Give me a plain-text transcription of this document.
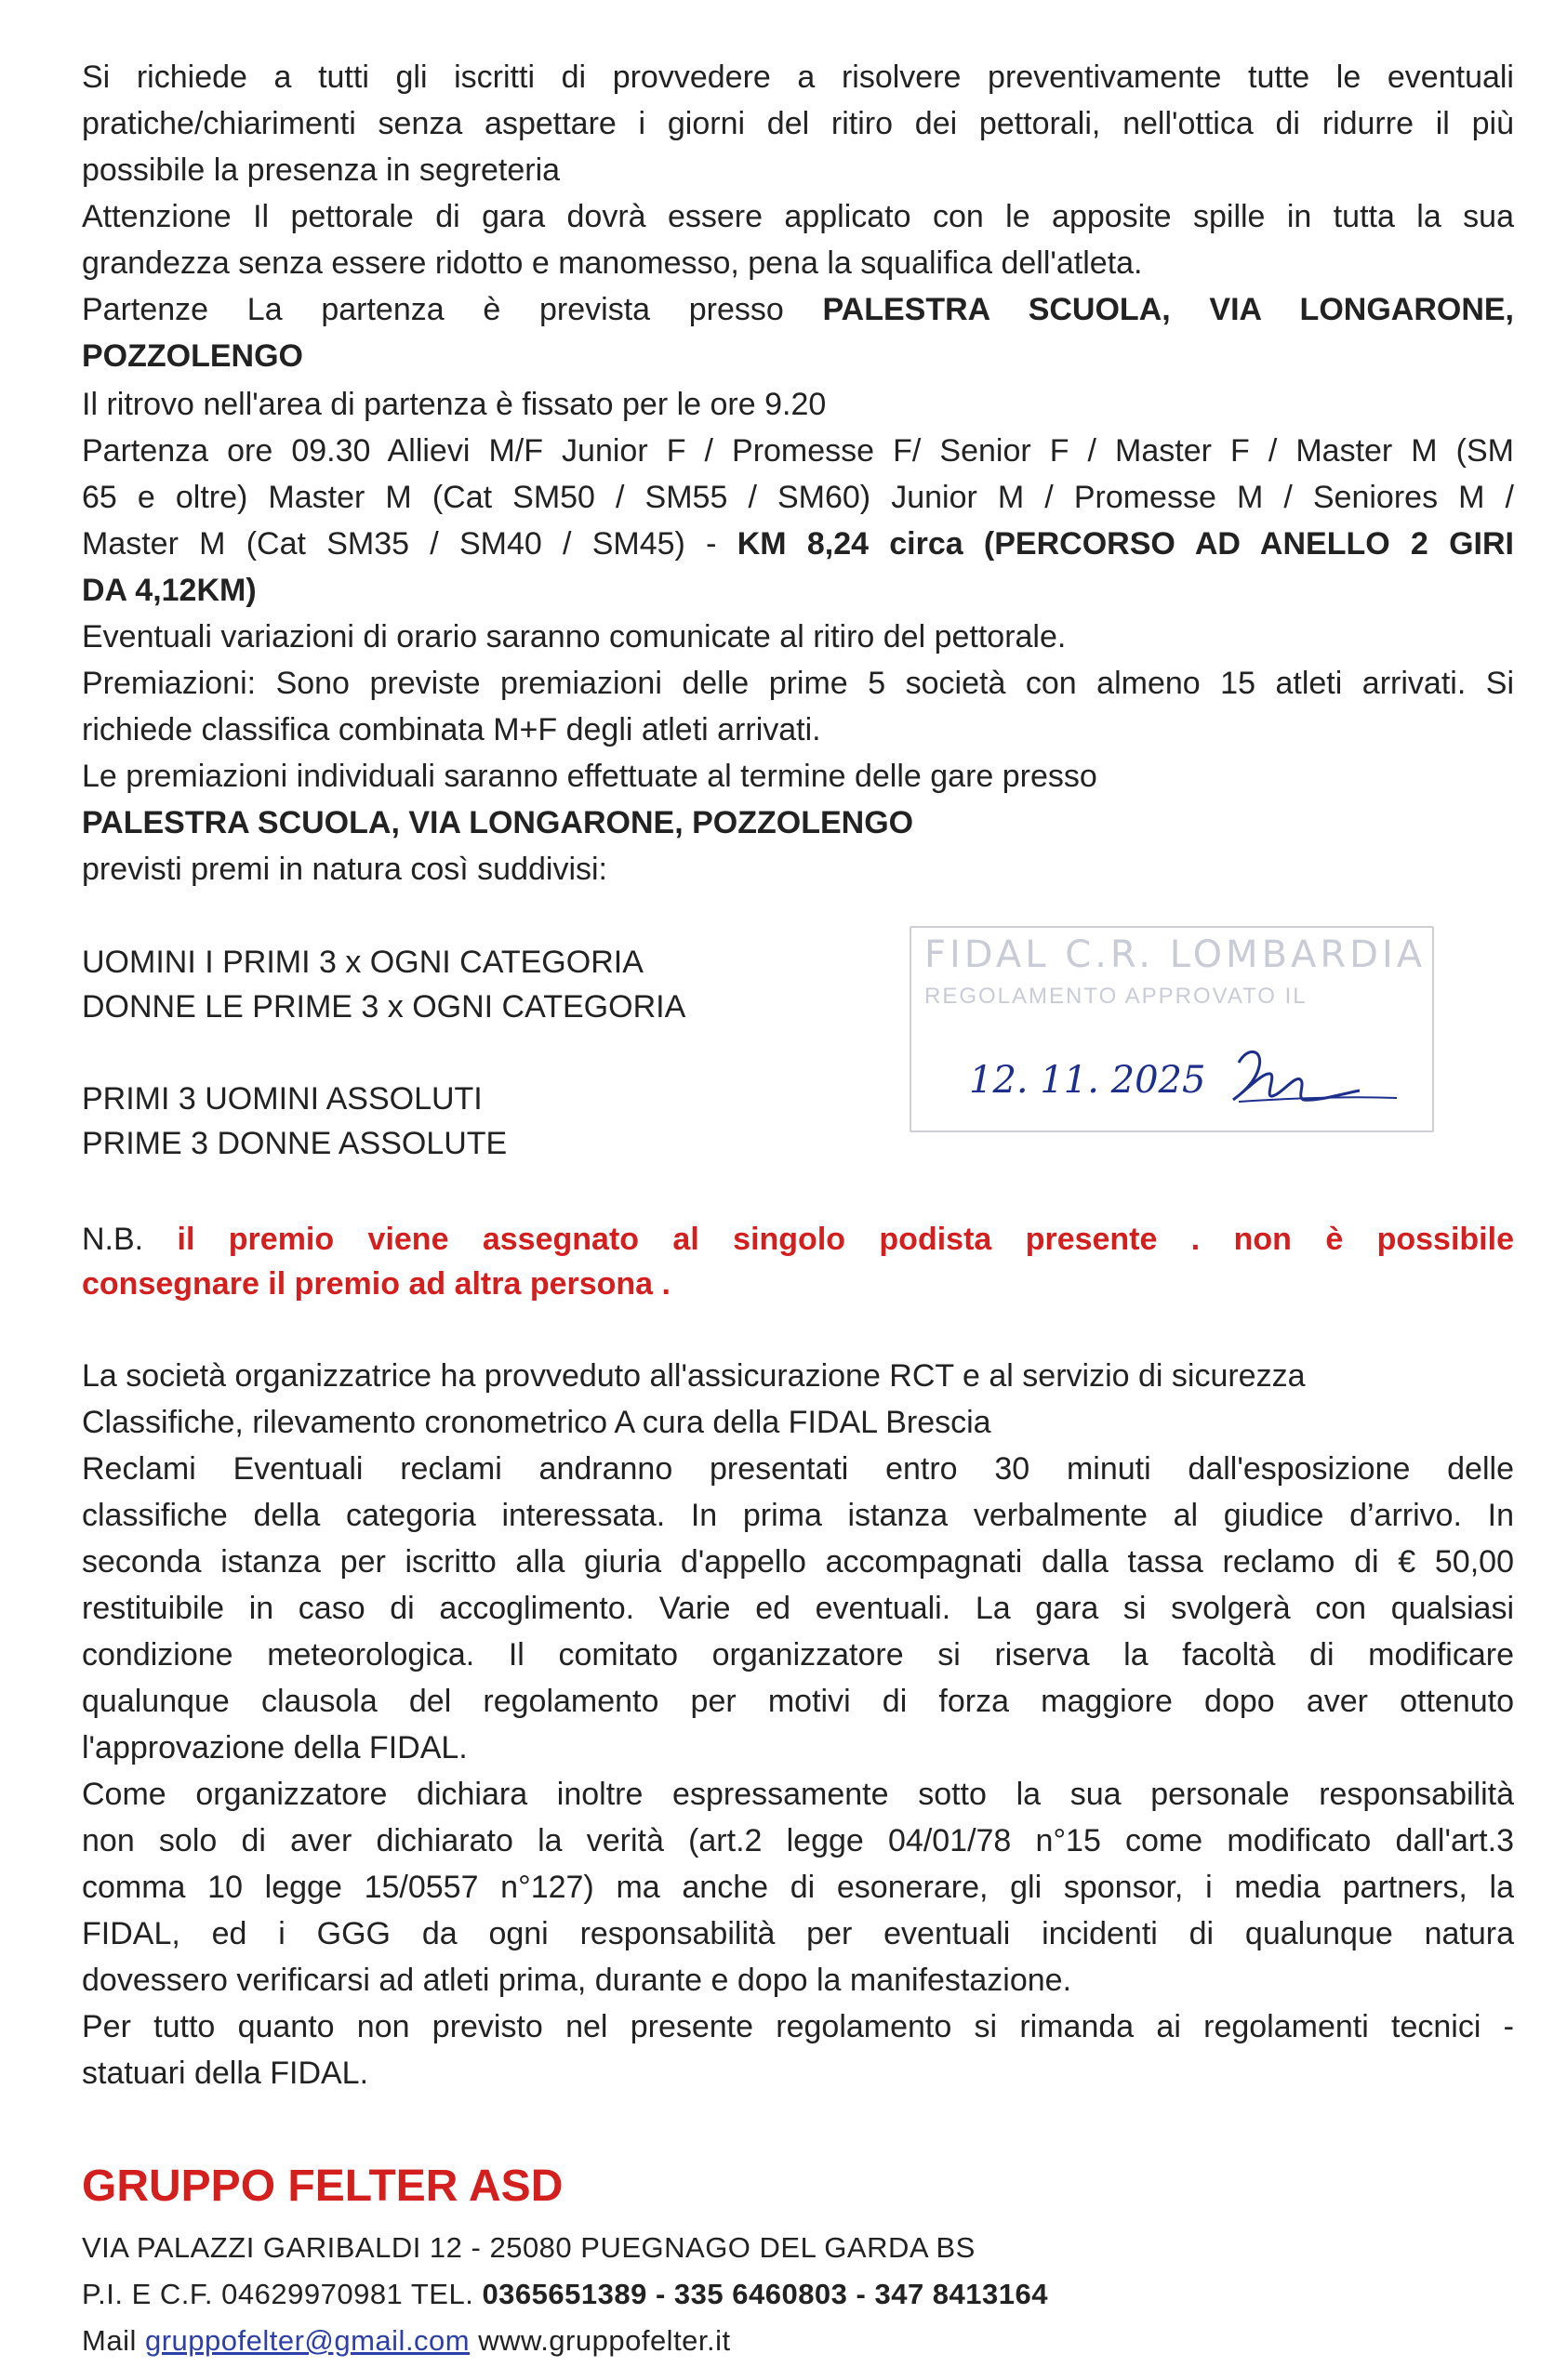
Si richiede a tutti gli iscritti di provvedere a risolvere preventivamente tutte le eventuali

pratiche/chiarimenti senza aspettare i giorni del ritiro dei pettorali, nell'ottica di ridurre il più

possibile la presenza in segreteria

Attenzione Il pettorale di gara dovrà essere applicato con le apposite spille in tutta la sua

grandezza senza essere ridotto e manomesso, pena la squalifica dell'atleta.

Partenze La partenza è prevista presso PALESTRA SCUOLA, VIA LONGARONE,

POZZOLENGO

Il ritrovo nell'area di partenza è fissato per le ore 9.20

Partenza ore 09.30 Allievi M/F Junior F / Promesse F/ Senior F / Master F / Master M (SM

65 e oltre) Master M (Cat SM50 / SM55 / SM60) Junior M / Promesse M / Seniores M /

Master M (Cat SM35 / SM40 / SM45) - KM 8,24 circa (PERCORSO AD ANELLO 2 GIRI

DA 4,12KM)

Eventuali variazioni di orario saranno comunicate al ritiro del pettorale.

Premiazioni: Sono previste premiazioni delle prime 5 società con almeno 15 atleti arrivati. Si

richiede classifica combinata M+F degli atleti arrivati.

Le premiazioni individuali saranno effettuate al termine delle gare presso

PALESTRA SCUOLA, VIA LONGARONE, POZZOLENGO

previsti premi in natura così suddivisi:

UOMINI I PRIMI 3 x OGNI CATEGORIA

DONNE LE PRIME 3 x OGNI CATEGORIA

PRIMI 3 UOMINI ASSOLUTI

PRIME 3 DONNE ASSOLUTE

FIDAL C.R. LOMBARDIA
REGOLAMENTO APPROVATO IL
12. 11. 2025

N.B. il premio viene assegnato al singolo podista presente . non è possibile

consegnare il premio ad altra persona .

La società organizzatrice ha provveduto all'assicurazione RCT e al servizio di sicurezza

Classifiche, rilevamento cronometrico A cura della FIDAL Brescia

Reclami Eventuali reclami andranno presentati entro 30 minuti dall'esposizione delle

classifiche della categoria interessata. In prima istanza verbalmente al giudice d’arrivo. In

seconda istanza per iscritto alla giuria d'appello accompagnati dalla tassa reclamo di € 50,00

restituibile in caso di accoglimento. Varie ed eventuali. La gara si svolgerà con qualsiasi

condizione meteorologica. Il comitato organizzatore si riserva la facoltà di modificare

qualunque clausola del regolamento per motivi di forza maggiore dopo aver ottenuto

l'approvazione della FIDAL.

Come organizzatore dichiara inoltre espressamente sotto la sua personale responsabilità

non solo di aver dichiarato la verità (art.2 legge 04/01/78 n°15 come modificato dall'art.3

comma 10 legge 15/0557 n°127) ma anche di esonerare, gli sponsor, i media partners, la

FIDAL, ed i GGG da ogni responsabilità per eventuali incidenti di qualunque natura

dovessero verificarsi ad atleti prima, durante e dopo la manifestazione.

Per tutto quanto non previsto nel presente regolamento si rimanda ai regolamenti tecnici -

statuari della FIDAL.

GRUPPO FELTER ASD

VIA PALAZZI GARIBALDI 12 - 25080 PUEGNAGO DEL GARDA BS

P.I. E C.F. 04629970981 TEL. 0365651389 - 335 6460803 - 347 8413164

Mail gruppofelter@gmail.com www.gruppofelter.it
